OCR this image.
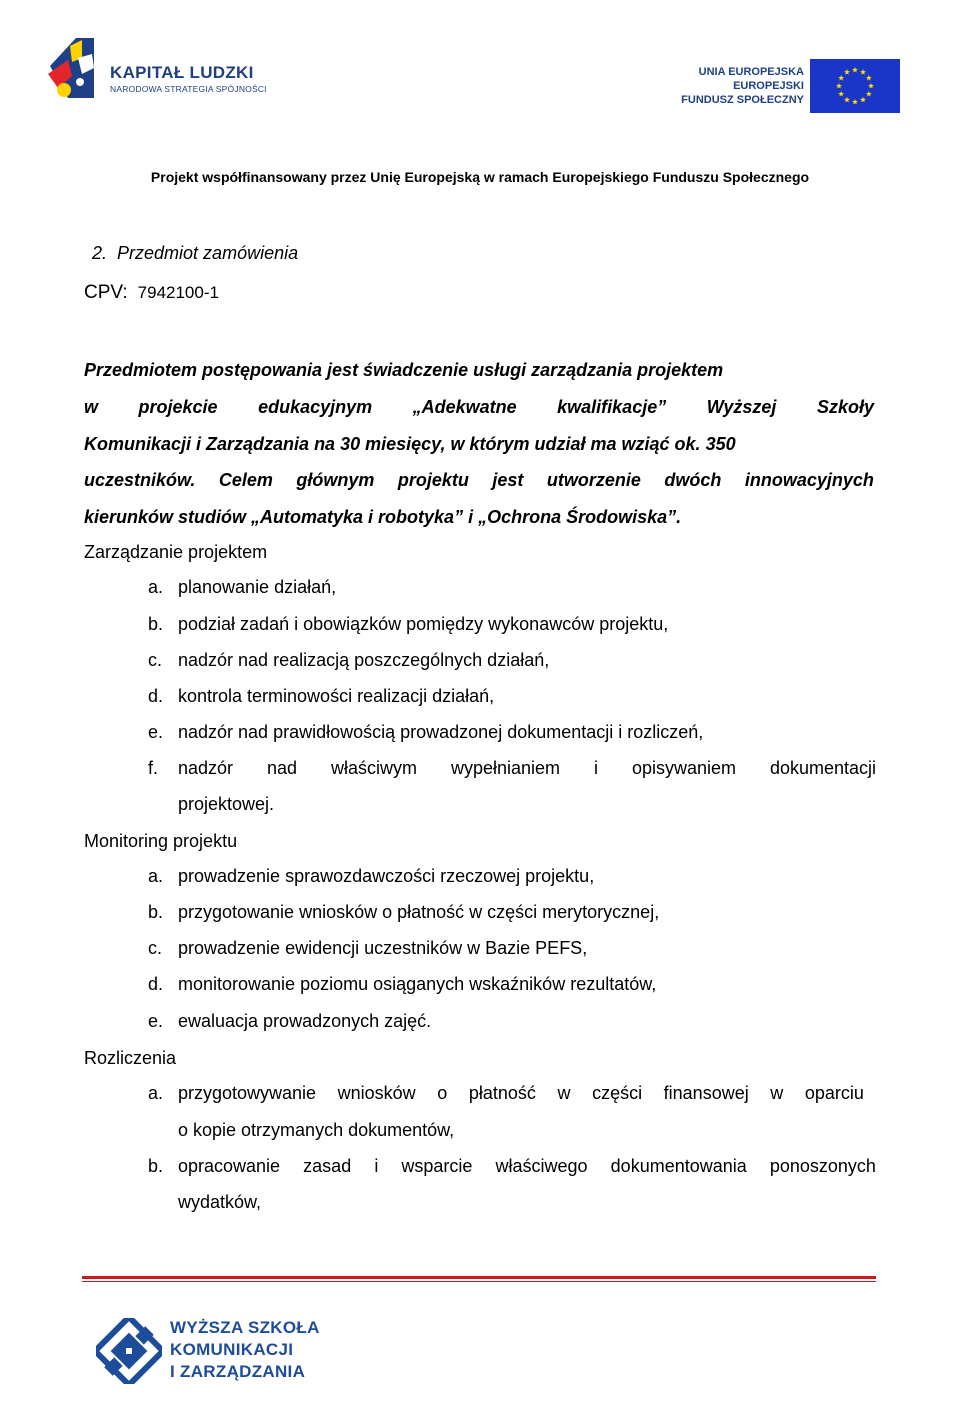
KAPITAŁ LUDZKI
NARODOWA STRATEGIA SPÓJNOŚCI
UNIA EUROPEJSKA
EUROPEJSKI
FUNDUSZ SPOŁECZNY
Projekt współfinansowany przez Unię Europejską w ramach Europejskiego Funduszu Społecznego
2. Przedmiot zamówienia
CPV: 7942100-1
Przedmiotem postępowania jest świadczenie usługi zarządzania projektem
w projekcie edukacyjnym „Adekwatne kwalifikacje” Wyższej Szkoły
Komunikacji i Zarządzania na 30 miesięcy, w którym udział ma wziąć ok. 350
uczestników. Celem głównym projektu jest utworzenie dwóch innowacyjnych
kierunków studiów „Automatyka i robotyka” i „Ochrona Środowiska”.
Zarządzanie projektem
a. planowanie działań,
b. podział zadań i obowiązków pomiędzy wykonawców projektu,
c. nadzór nad realizacją poszczególnych działań,
d. kontrola terminowości realizacji działań,
e. nadzór nad prawidłowością prowadzonej dokumentacji i rozliczeń,
f. nadzór nad właściwym wypełnianiem i opisywaniem dokumentacji
projektowej.
Monitoring projektu
a. prowadzenie sprawozdawczości rzeczowej projektu,
b. przygotowanie wniosków o płatność w części merytorycznej,
c. prowadzenie ewidencji uczestników w Bazie PEFS,
d. monitorowanie poziomu osiąganych wskaźników rezultatów,
e. ewaluacja prowadzonych zajęć.
Rozliczenia
a. przygotowywanie wniosków o płatność w części finansowej w oparciu
o kopie otrzymanych dokumentów,
b. opracowanie zasad i wsparcie właściwego dokumentowania ponoszonych
wydatków,
WYŻSZA SZKOŁA
KOMUNIKACJI
I ZARZĄDZANIA
